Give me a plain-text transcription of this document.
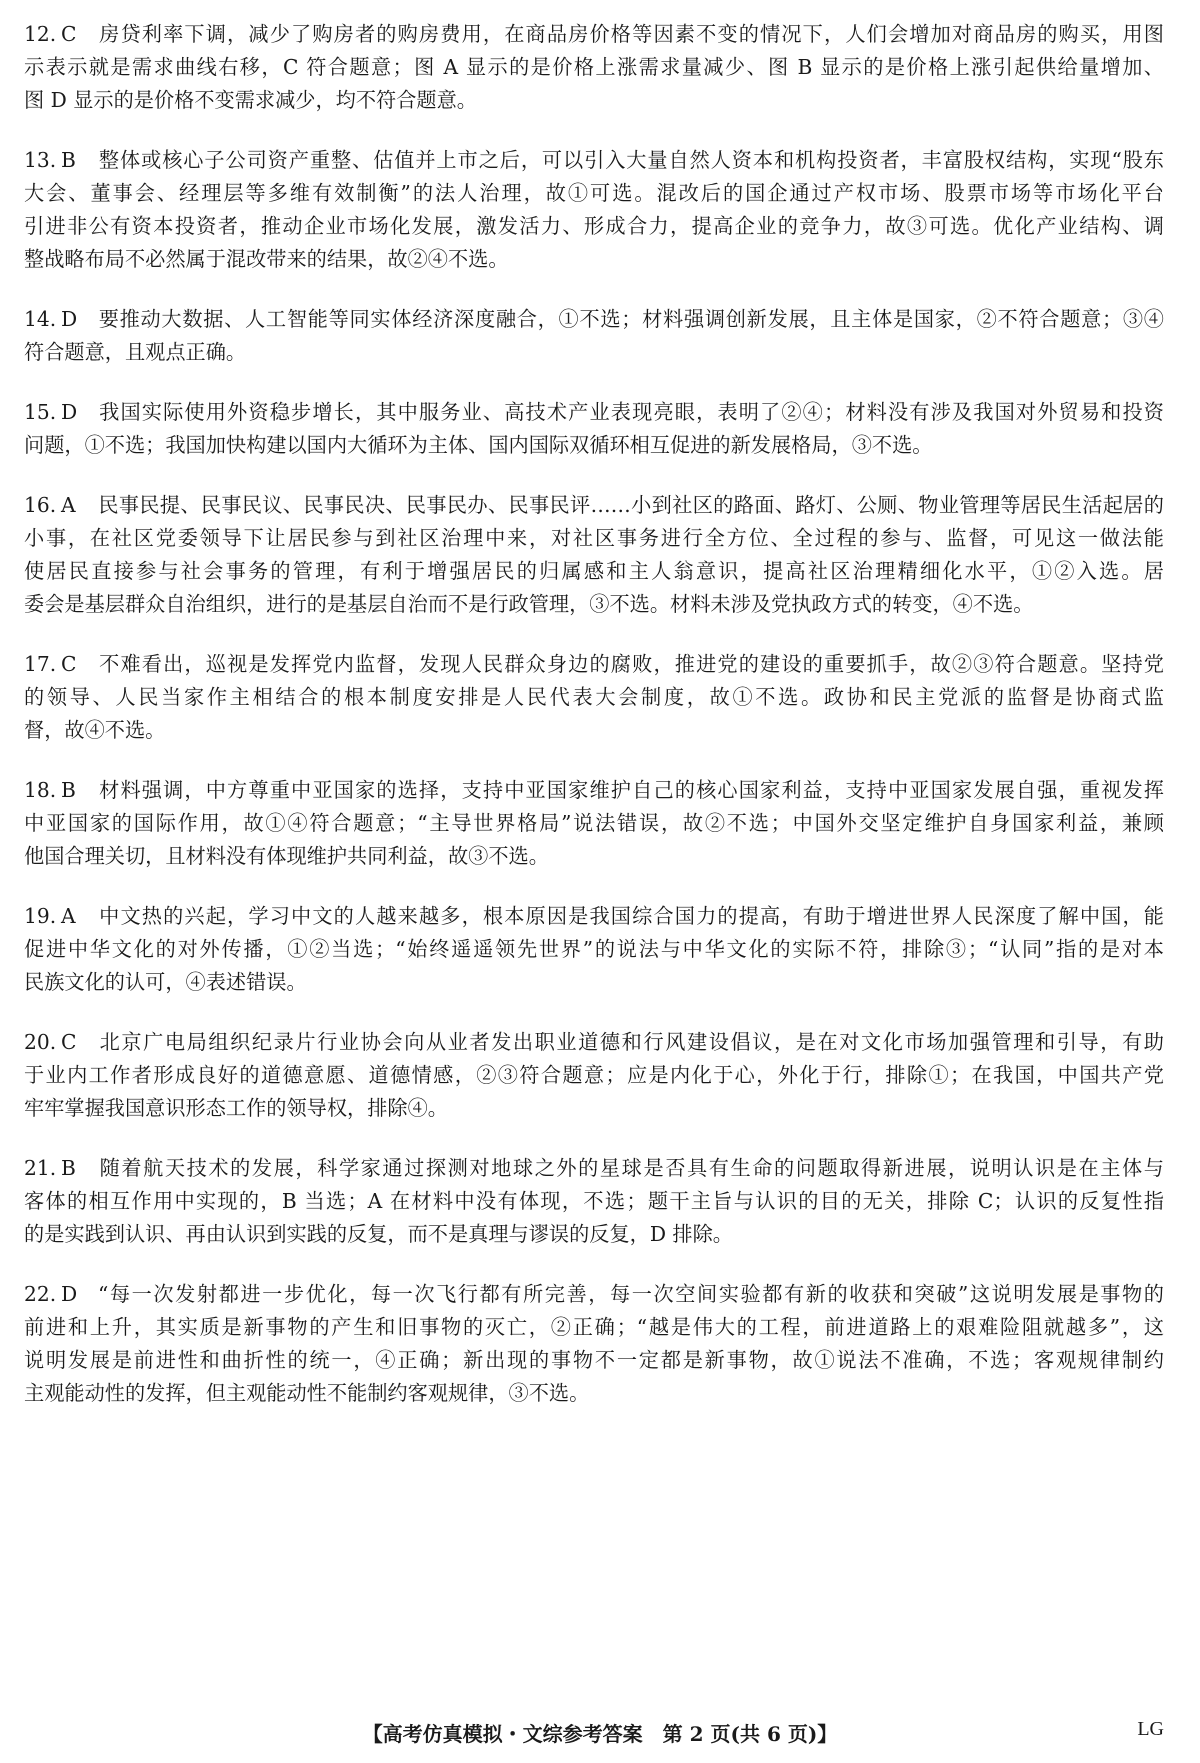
12. C 房贷利率下调，减少了购房者的购房费用，在商品房价格等因素不变的情况下，人们会增加对商品房的购买，用图
示表示就是需求曲线右移，C 符合题意；图 A 显示的是价格上涨需求量减少、图 B 显示的是价格上涨引起供给量增加、
图 D 显示的是价格不变需求减少，均不符合题意。
13. B 整体或核心子公司资产重整、估值并上市之后，可以引入大量自然人资本和机构投资者，丰富股权结构，实现“股东
大会、董事会、经理层等多维有效制衡”的法人治理，故①可选。混改后的国企通过产权市场、股票市场等市场化平台
引进非公有资本投资者，推动企业市场化发展，激发活力、形成合力，提高企业的竞争力，故③可选。优化产业结构、调
整战略布局不必然属于混改带来的结果，故②④不选。
14. D 要推动大数据、人工智能等同实体经济深度融合，①不选；材料强调创新发展，且主体是国家，②不符合题意；③④
符合题意，且观点正确。
15. D 我国实际使用外资稳步增长，其中服务业、高技术产业表现亮眼，表明了②④；材料没有涉及我国对外贸易和投资
问题，①不选；我国加快构建以国内大循环为主体、国内国际双循环相互促进的新发展格局，③不选。
16. A 民事民提、民事民议、民事民决、民事民办、民事民评……小到社区的路面、路灯、公厕、物业管理等居民生活起居的
小事，在社区党委领导下让居民参与到社区治理中来，对社区事务进行全方位、全过程的参与、监督，可见这一做法能
使居民直接参与社会事务的管理，有利于增强居民的归属感和主人翁意识，提高社区治理精细化水平，①②入选。居
委会是基层群众自治组织，进行的是基层自治而不是行政管理，③不选。材料未涉及党执政方式的转变，④不选。
17. C 不难看出，巡视是发挥党内监督，发现人民群众身边的腐败，推进党的建设的重要抓手，故②③符合题意。坚持党
的领导、人民当家作主相结合的根本制度安排是人民代表大会制度，故①不选。政协和民主党派的监督是协商式监
督，故④不选。
18. B 材料强调，中方尊重中亚国家的选择，支持中亚国家维护自己的核心国家利益，支持中亚国家发展自强，重视发挥
中亚国家的国际作用，故①④符合题意；“主导世界格局”说法错误，故②不选；中国外交坚定维护自身国家利益，兼顾
他国合理关切，且材料没有体现维护共同利益，故③不选。
19. A 中文热的兴起，学习中文的人越来越多，根本原因是我国综合国力的提高，有助于增进世界人民深度了解中国，能
促进中华文化的对外传播，①②当选；“始终遥遥领先世界”的说法与中华文化的实际不符，排除③；“认同”指的是对本
民族文化的认可，④表述错误。
20. C 北京广电局组织纪录片行业协会向从业者发出职业道德和行风建设倡议，是在对文化市场加强管理和引导，有助
于业内工作者形成良好的道德意愿、道德情感，②③符合题意；应是内化于心，外化于行，排除①；在我国，中国共产党
牢牢掌握我国意识形态工作的领导权，排除④。
21. B 随着航天技术的发展，科学家通过探测对地球之外的星球是否具有生命的问题取得新进展，说明认识是在主体与
客体的相互作用中实现的，B 当选；A 在材料中没有体现，不选；题干主旨与认识的目的无关，排除 C；认识的反复性指
的是实践到认识、再由认识到实践的反复，而不是真理与谬误的反复，D 排除。
22. D “每一次发射都进一步优化，每一次飞行都有所完善，每一次空间实验都有新的收获和突破”这说明发展是事物的
前进和上升，其实质是新事物的产生和旧事物的灭亡，②正确；“越是伟大的工程，前进道路上的艰难险阻就越多”，这
说明发展是前进性和曲折性的统一，④正确；新出现的事物不一定都是新事物，故①说法不准确，不选；客观规律制约
主观能动性的发挥，但主观能动性不能制约客观规律，③不选。
【高考仿真模拟・文综参考答案　第 2 页(共 6 页)】	LG
